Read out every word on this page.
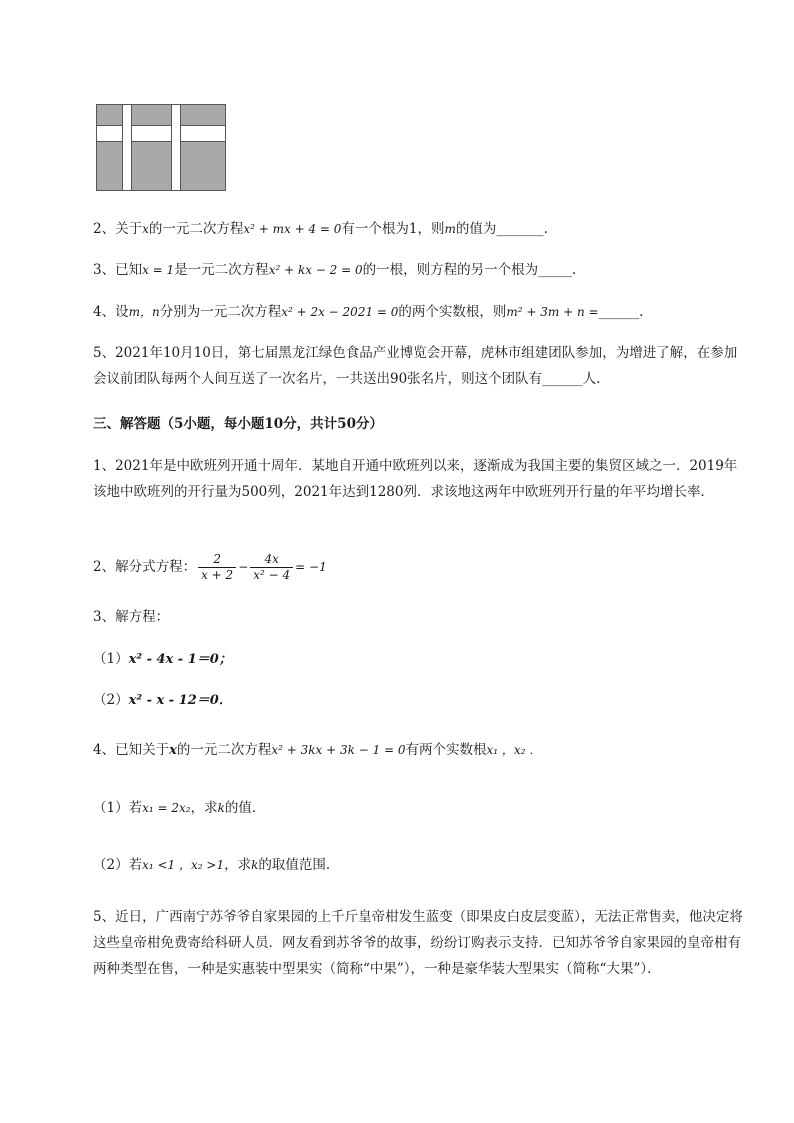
2、关于x的一元二次方程x² + mx + 4 = 0有一个根为1，则m的值为_______.
3、已知x = 1是一元二次方程x² + kx − 2 = 0的一根，则方程的另一个根为_____.
4、设m，n分别为一元二次方程x² + 2x − 2021 = 0的两个实数根，则m² + 3m + n =______.
5、2021年10月10日，第七届黑龙江绿色食品产业博览会开幕，虎林市组建团队参加，为增进了解，在参加会议前团队每两个人间互送了一次名片，一共送出90张名片，则这个团队有______人.
三、解答题（5小题，每小题10分，共计50分）
1、2021年是中欧班列开通十周年．某地自开通中欧班列以来，逐渐成为我国主要的集贸区域之一．2019年该地中欧班列的开行量为500列，2021年达到1280列．求该地这两年中欧班列开行量的年平均增长率．
2、解分式方程： $\frac{2}{x + 2} - \frac{4x}{\text{x² − 4}} = -1$
3、解方程：
（1）x² - 4x - 1＝0；
（2）x² - x - 12＝0．
4、已知关于x的一元二次方程x² + 3kx + 3k − 1 = 0有两个实数根x₁ ，x₂ ．
（1）若x₁ = 2x₂，求k的值．
（2）若x₁ <1 ，x₂ >1，求k的取值范围．
5、近日，广西南宁苏爷爷自家果园的上千斤皇帝柑发生蓝变（即果皮白皮层变蓝），无法正常售卖，他决定将这些皇帝柑免费寄给科研人员．网友看到苏爷爷的故事，纷纷订购表示支持．已知苏爷爷自家果园的皇帝柑有两种类型在售，一种是实惠装中型果实（简称“中果”），一种是豪华装大型果实（简称“大果”）．
